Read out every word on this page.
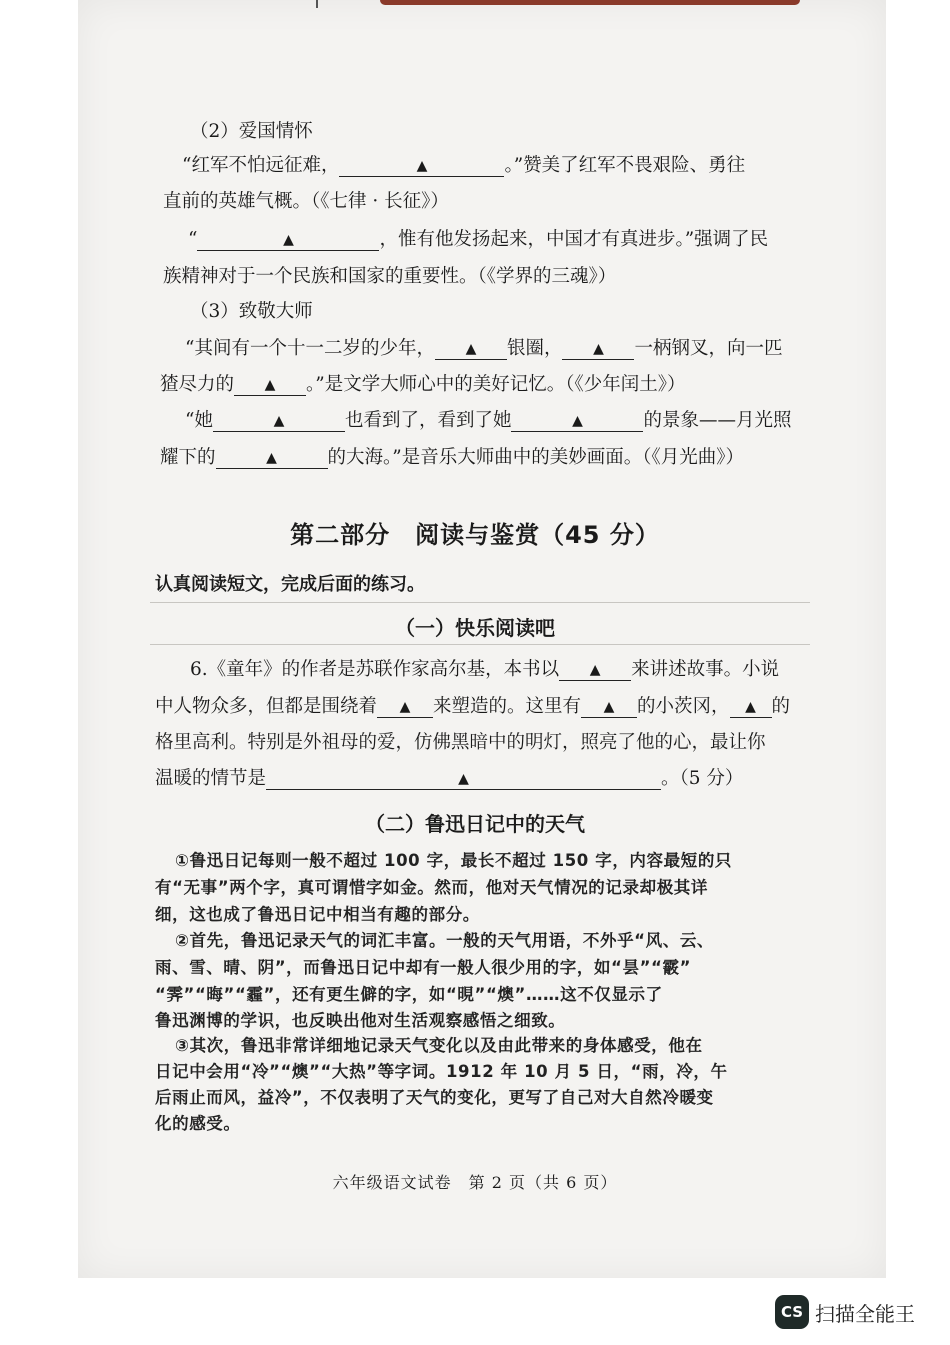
（2）爱国情怀
“红军不怕远征难，	▲	。”赞美了红军不畏艰险、勇往
直前的英雄气概。（《七律 · 长征》）
“	▲	，惟有他发扬起来，中国才有真进步。”强调了民
族精神对于一个民族和国家的重要性。（《学界的三魂》）
（3）致敬大师
“其间有一个十一二岁的少年， ▲ 银圈， ▲ 一柄钢叉，向一匹
猹尽力的 ▲ 。”是文学大师心中的美好记忆。（《少年闰土》）
“她	▲	也看到了，看到了她	▲	的景象——月光照
耀下的	▲	的大海。”是音乐大师曲中的美妙画面。（《月光曲》）
第二部分　阅读与鉴赏（45 分）
认真阅读短文，完成后面的练习。
（一）快乐阅读吧
6.《童年》的作者是苏联作家高尔基，本书以 ▲ 来讲述故事。小说
中人物众多，但都是围绕着 ▲ 来塑造的。这里有 ▲ 的小茨冈， ▲ 的
格里高利。特别是外祖母的爱，仿佛黑暗中的明灯，照亮了他的心，最让你
温暖的情节是	▲	。（5 分）
（二）鲁迅日记中的天气
①鲁迅日记每则一般不超过 100 字，最长不超过 150 字，内容最短的只
有“无事”两个字，真可谓惜字如金。然而，他对天气情况的记录却极其详
细，这也成了鲁迅日记中相当有趣的部分。
②首先，鲁迅记录天气的词汇丰富。一般的天气用语，不外乎“风、云、
雨、雪、晴、阴”，而鲁迅日记中却有一般人很少用的字，如“昙”“霰”
“霁”“晦”“霾”，还有更生僻的字，如“晛”“燠”……这不仅显示了
鲁迅渊博的学识，也反映出他对生活观察感悟之细致。
③其次，鲁迅非常详细地记录天气变化以及由此带来的身体感受，他在
日记中会用“冷”“燠”“大热”等字词。1912 年 10 月 5 日，“雨，冷，午
后雨止而风，益冷”，不仅表明了天气的变化，更写了自己对大自然冷暖变
化的感受。
六年级语文试卷　第 2 页（共 6 页）
CS 扫描全能王
